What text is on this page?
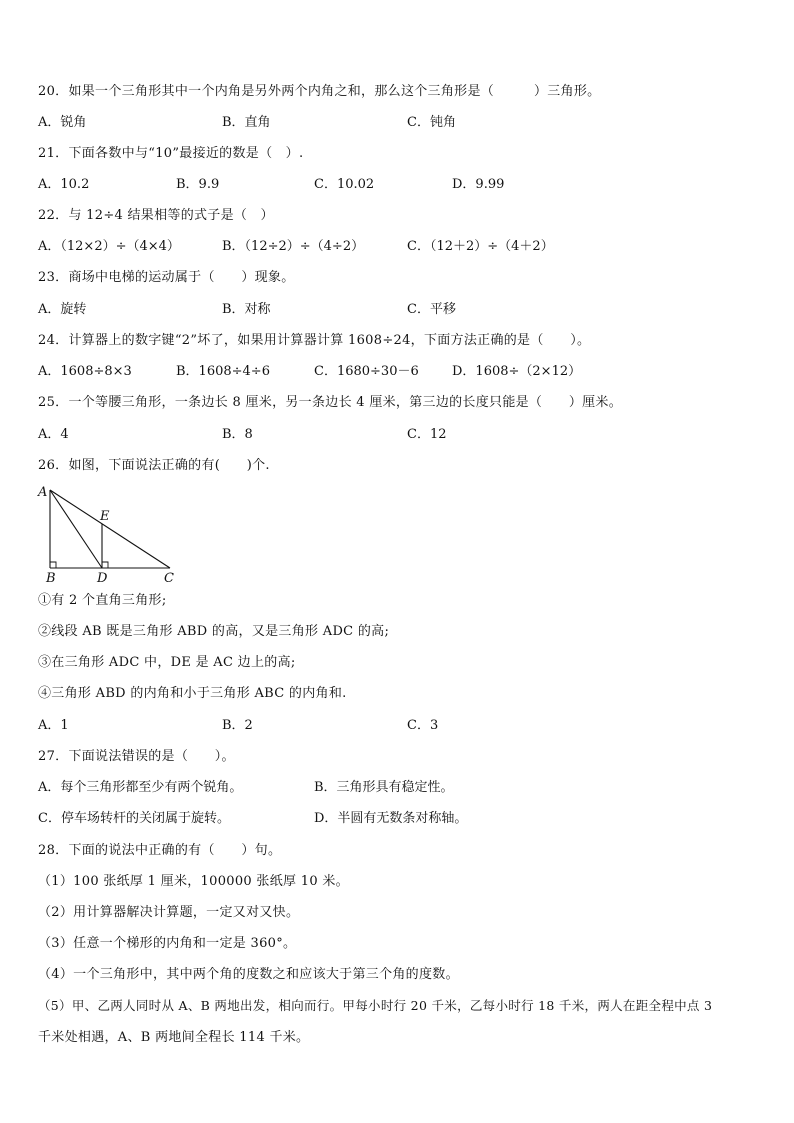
20．如果一个三角形其中一个内角是另外两个内角之和，那么这个三角形是（　　　）三角形。
A．锐角	B．直角	C．钝角
21．下面各数中与“10”最接近的数是（　）.
A．10.2	B．9.9	C．10.02	D．9.99
22．与 12÷4 结果相等的式子是（　）
A．（12×2）÷（4×4）	B．（12÷2）÷（4÷2）	C．（12＋2）÷（4＋2）
23．商场中电梯的运动属于（　　）现象。
A．旋转	B．对称	C．平移
24．计算器上的数字键“2”坏了，如果用计算器计算 1608÷24，下面方法正确的是（　　）。
A．1608÷8×3	B．1608÷4÷6	C．1680÷30－6	D．1608÷（2×12）
25．一个等腰三角形，一条边长 8 厘米，另一条边长 4 厘米，第三边的长度只能是（　　）厘米。
A．4	B．8	C．12
26．如图，下面说法正确的有(　　)个.
A
B	C
D
E
①有 2 个直角三角形;
②线段 AB 既是三角形 ABD 的高，又是三角形 ADC 的高;
③在三角形 ADC 中，DE 是 AC 边上的高;
④三角形 ABD 的内角和小于三角形 ABC 的内角和.
A．1	B．2	C．3
27．下面说法错误的是（　　）。
A．每个三角形都至少有两个锐角。	B．三角形具有稳定性。
C．停车场转杆的关闭属于旋转。	D．半圆有无数条对称轴。
28．下面的说法中正确的有（　　）句。
（1）100 张纸厚 1 厘米，100000 张纸厚 10 米。
（2）用计算器解决计算题，一定又对又快。
（3）任意一个梯形的内角和一定是 360°。
（4）一个三角形中，其中两个角的度数之和应该大于第三个角的度数。
（5）甲、乙两人同时从 A、B 两地出发，相向而行。甲每小时行 20 千米，乙每小时行 18 千米，两人在距全程中点 3
千米处相遇，A、B 两地间全程长 114 千米。
